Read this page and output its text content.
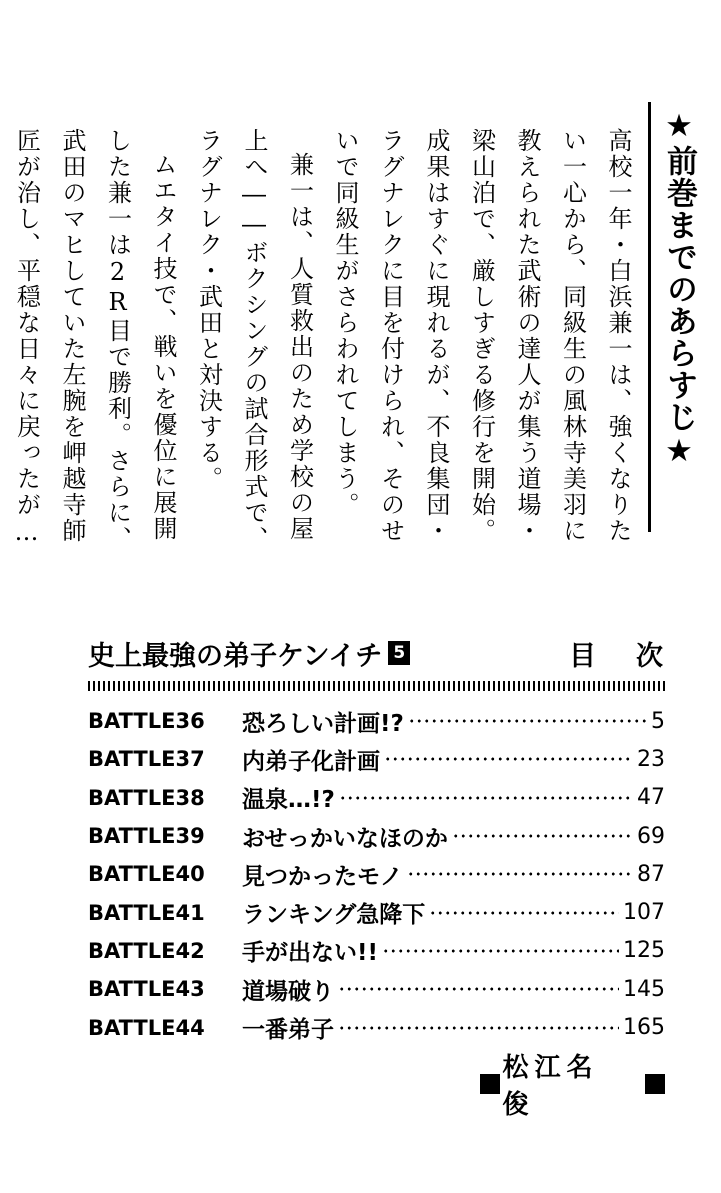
★前巻までのあらすじ★

高校一年・白浜兼一は、強くなりたい一心から、同級生の風林寺美羽に教えられた武術の達人が集う道場・梁山泊で、厳しすぎる修行を開始。

成果はすぐに現れるが、不良集団・ラグナレクに目を付けられ、そのせいで同級生がさらわれてしまう。

兼一は、人質救出のため学校の屋上へ――ボクシングの試合形式で、ラグナレク・武田と対決する。

ムエタイ技で、戦いを優位に展開した兼一は2R目で勝利。さらに、武田のマヒしていた左腕を岬越寺師匠が治し、平穏な日々に戻ったが…

史上最強の弟子ケンイチ 5	目次
BATTLE36	恐ろしい計画!?	5
BATTLE37	内弟子化計画	23
BATTLE38	温泉…!?	47
BATTLE39	おせっかいなほのか	69
BATTLE40	見つかったモノ	87
BATTLE41	ランキング急降下	107
BATTLE42	手が出ない!!	125
BATTLE43	道場破り	145
BATTLE44	一番弟子	165
松江名 俊
